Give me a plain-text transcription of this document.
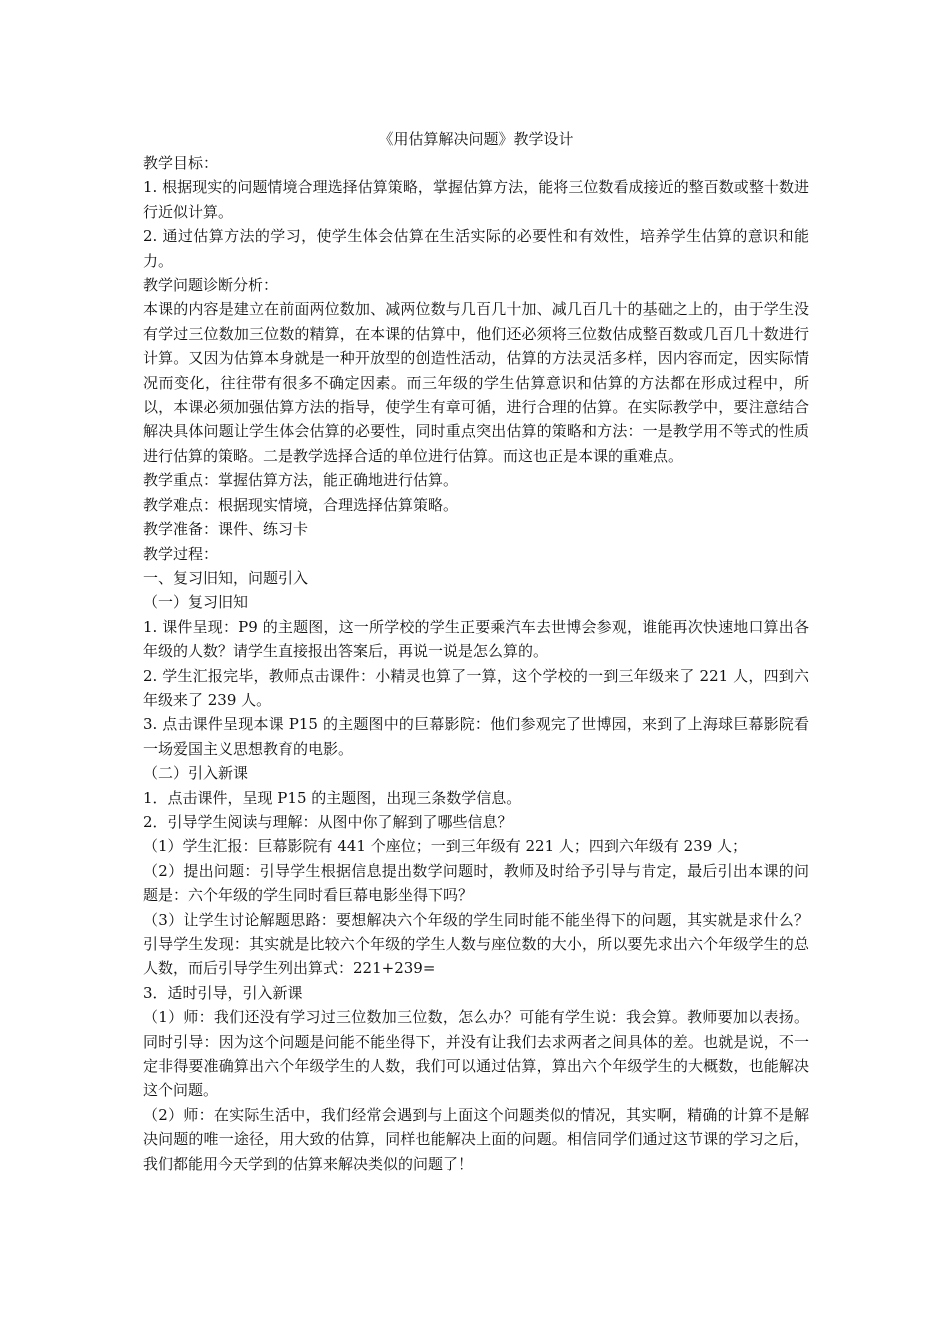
《用估算解决问题》教学设计

教学目标：

1. 根据现实的问题情境合理选择估算策略，掌握估算方法，能将三位数看成接近的整百数或整十数进行近似计算。

2. 通过估算方法的学习，使学生体会估算在生活实际的必要性和有效性，培养学生估算的意识和能力。

教学问题诊断分析：

本课的内容是建立在前面两位数加、减两位数与几百几十加、减几百几十的基础之上的，由于学生没有学过三位数加三位数的精算，在本课的估算中，他们还必须将三位数估成整百数或几百几十数进行计算。又因为估算本身就是一种开放型的创造性活动，估算的方法灵活多样，因内容而定，因实际情况而变化，往往带有很多不确定因素。而三年级的学生估算意识和估算的方法都在形成过程中，所以，本课必须加强估算方法的指导，使学生有章可循，进行合理的估算。在实际教学中，要注意结合解决具体问题让学生体会估算的必要性，同时重点突出估算的策略和方法：一是教学用不等式的性质进行估算的策略。二是教学选择合适的单位进行估算。而这也正是本课的重难点。

教学重点：掌握估算方法，能正确地进行估算。

教学难点：根据现实情境，合理选择估算策略。

教学准备：课件、练习卡

教学过程：

一、复习旧知，问题引入

（一）复习旧知

1. 课件呈现：P9 的主题图，这一所学校的学生正要乘汽车去世博会参观，谁能再次快速地口算出各年级的人数？请学生直接报出答案后，再说一说是怎么算的。

2. 学生汇报完毕，教师点击课件：小精灵也算了一算，这个学校的一到三年级来了 221 人，四到六年级来了 239 人。

3. 点击课件呈现本课 P15 的主题图中的巨幕影院：他们参观完了世博园，来到了上海球巨幕影院看一场爱国主义思想教育的电影。

（二）引入新课

1．点击课件，呈现 P15 的主题图，出现三条数学信息。

2．引导学生阅读与理解：从图中你了解到了哪些信息？

（1）学生汇报：巨幕影院有 441 个座位；一到三年级有 221 人；四到六年级有 239 人；

（2）提出问题：引导学生根据信息提出数学问题时，教师及时给予引导与肯定，最后引出本课的问题是：六个年级的学生同时看巨幕电影坐得下吗？

（3）让学生讨论解题思路：要想解决六个年级的学生同时能不能坐得下的问题，其实就是求什么？引导学生发现：其实就是比较六个年级的学生人数与座位数的大小，所以要先求出六个年级学生的总人数，而后引导学生列出算式：221+239=

3．适时引导，引入新课

（1）师：我们还没有学习过三位数加三位数，怎么办？可能有学生说：我会算。教师要加以表扬。同时引导：因为这个问题是问能不能坐得下，并没有让我们去求两者之间具体的差。也就是说，不一定非得要准确算出六个年级学生的人数，我们可以通过估算，算出六个年级学生的大概数，也能解决这个问题。

（2）师：在实际生活中，我们经常会遇到与上面这个问题类似的情况，其实啊，精确的计算不是解决问题的唯一途径，用大致的估算，同样也能解决上面的问题。相信同学们通过这节课的学习之后，我们都能用今天学到的估算来解决类似的问题了！
